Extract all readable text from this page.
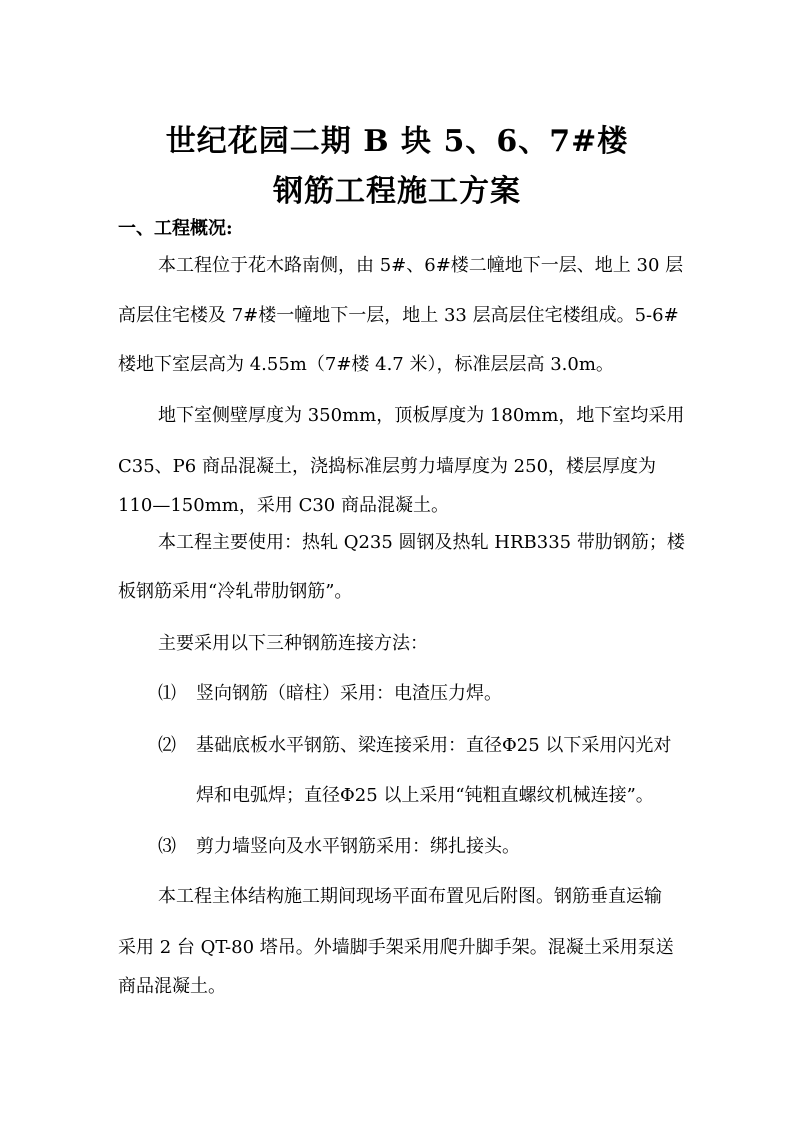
世纪花园二期 B 块 5、6、7#楼
钢筋工程施工方案
一、工程概况:
本工程位于花木路南侧，由 5#、6#楼二幢地下一层、地上 30 层
高层住宅楼及 7#楼一幢地下一层，地上 33 层高层住宅楼组成。5-6#
楼地下室层高为 4.55m（7#楼 4.7 米），标准层层高 3.0m。
地下室侧壁厚度为 350mm，顶板厚度为 180mm，地下室均采用
C35、P6 商品混凝土，浇捣标准层剪力墙厚度为 250，楼层厚度为
110—150mm，采用 C30 商品混凝土。
本工程主要使用：热轧 Q235 圆钢及热轧 HRB335 带肋钢筋；楼
板钢筋采用“冷轧带肋钢筋”。
主要采用以下三种钢筋连接方法：
⑴ 竖向钢筋（暗柱）采用：电渣压力焊。
⑵ 基础底板水平钢筋、梁连接采用：直径Φ25 以下采用闪光对
焊和电弧焊；直径Φ25 以上采用“钝粗直螺纹机械连接”。
⑶ 剪力墙竖向及水平钢筋采用：绑扎接头。
本工程主体结构施工期间现场平面布置见后附图。钢筋垂直运输
采用 2 台 QT-80 塔吊。外墙脚手架采用爬升脚手架。混凝土采用泵送
商品混凝土。
